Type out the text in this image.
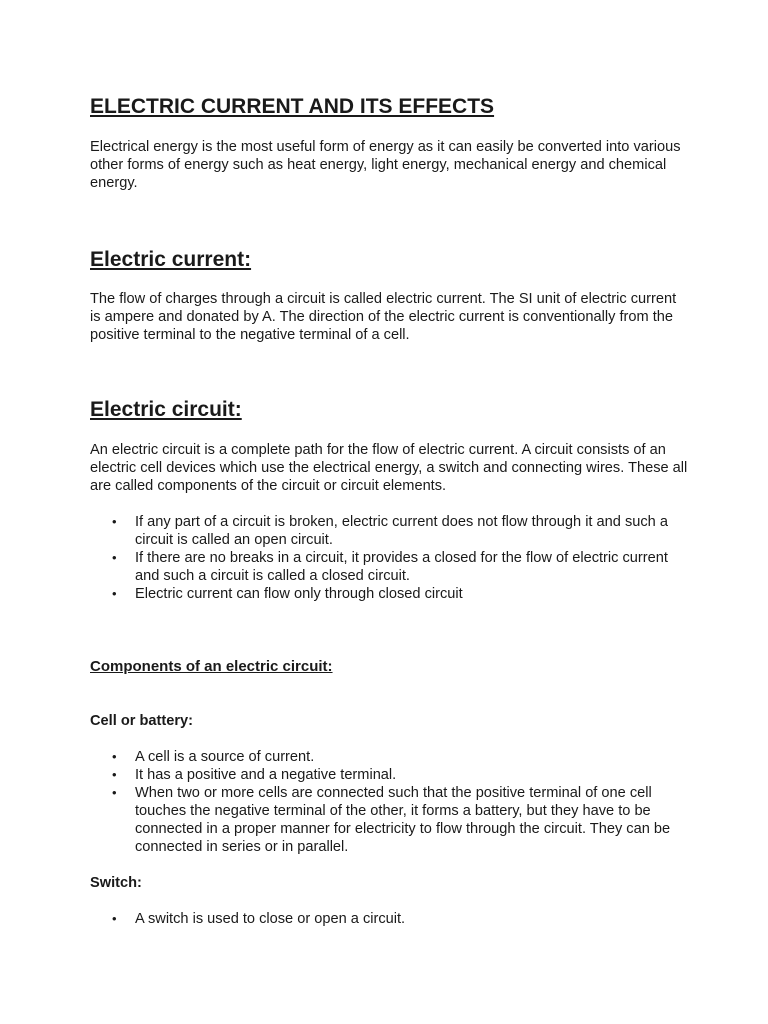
ELECTRIC CURRENT AND ITS EFFECTS

Electrical energy is the most useful form of energy as it can easily be converted into various other forms of energy such as heat energy, light energy, mechanical energy and chemical energy.

Electric current:

The flow of charges through a circuit is called electric current. The SI unit of electric current is ampere and donated by A. The direction of the electric current is conventionally from the positive terminal to the negative terminal of a cell.

Electric circuit:

An electric circuit is a complete path for the flow of electric current. A circuit consists of an electric cell devices which use the electrical energy, a switch and connecting wires. These all are called components of the circuit or circuit elements.

• If any part of a circuit is broken, electric current does not flow through it and such a circuit is called an open circuit.
• If there are no breaks in a circuit, it provides a closed for the flow of electric current and such a circuit is called a closed circuit.
• Electric current can flow only through closed circuit
Components of an electric circuit:
Cell or battery:
• A cell is a source of current.
• It has a positive and a negative terminal.
• When two or more cells are connected such that the positive terminal of one cell touches the negative terminal of the other, it forms a battery, but they have to be connected in a proper manner for electricity to flow through the circuit. They can be connected in series or in parallel.
Switch:
• A switch is used to close or open a circuit.
